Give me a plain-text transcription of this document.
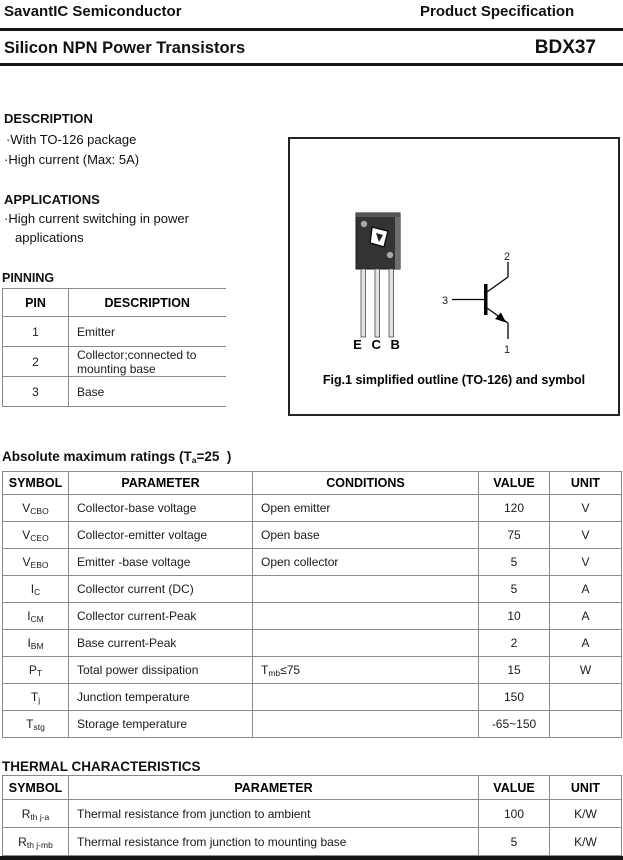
SavantIC Semiconductor	Product Specification
Silicon NPN Power Transistors	BDX37
DESCRIPTION
·With TO-126 package
·High current (Max: 5A)
APPLICATIONS
·High current switching in power
applications
PINNING
PIN	DESCRIPTION
1	Emitter
2	Collector;connected to mounting base
3	Base
E C B
2
3
1
Fig.1 simplified outline (TO-126) and symbol
Absolute maximum ratings ($T_a=25$  )
SYMBOL	PARAMETER	CONDITIONS	VALUE	UNIT
$V_{CBO}$	Collector-base voltage	Open emitter	120	V
$V_{CEO}$	Collector-emitter voltage	Open base	75	V
$V_{EBO}$	Emitter -base voltage	Open collector	5	V
$I_C$	Collector current (DC)		5	A
$I_{CM}$	Collector current-Peak		10	A
$I_{BM}$	Base current-Peak		2	A
$P_T$	Total power dissipation	$T_{mb}\le 75$	15	W
$T_j$	Junction temperature		150	
$T_{stg}$	Storage temperature		-65~150	
THERMAL CHARACTERISTICS
SYMBOL	PARAMETER	VALUE	UNIT
$R_{th j-a}$	Thermal resistance from junction to ambient	100	K/W
$R_{th j-mb}$	Thermal resistance from junction to mounting base	5	K/W
